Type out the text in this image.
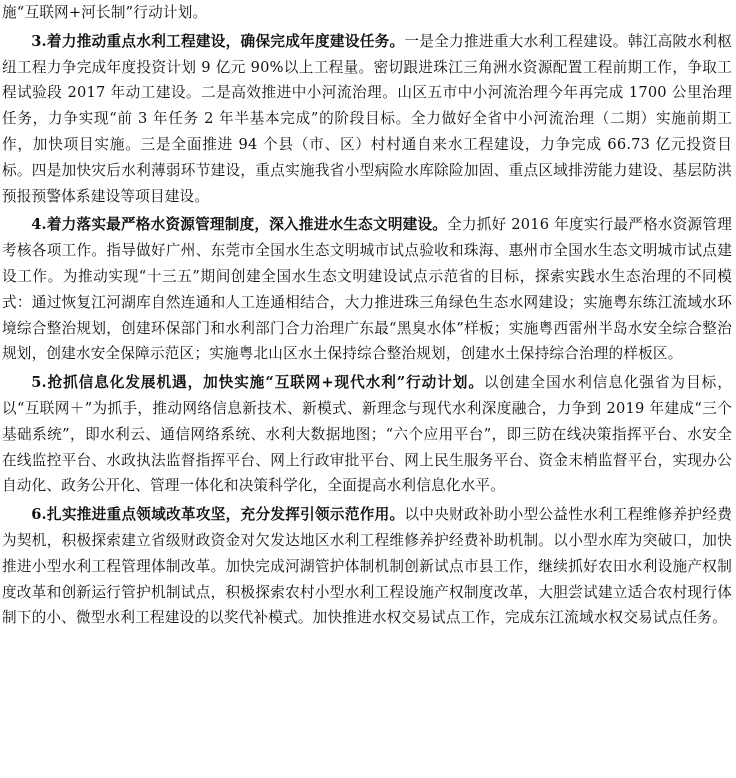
施“互联网+河长制”行动计划。

3.着力推动重点水利工程建设，确保完成年度建设任务。一是全力推进重大水利工程建设。韩江高陂水利枢纽工程力争完成年度投资计划 9 亿元 90%以上工程量。密切跟进珠江三角洲水资源配置工程前期工作，争取工程试验段 2017 年动工建设。二是高效推进中小河流治理。山区五市中小河流治理今年再完成 1700 公里治理任务，力争实现“前 3 年任务 2 年半基本完成”的阶段目标。全力做好全省中小河流治理（二期）实施前期工作，加快项目实施。三是全面推进 94 个县（市、区）村村通自来水工程建设，力争完成 66.73 亿元投资目标。四是加快灾后水利薄弱环节建设，重点实施我省小型病险水库除险加固、重点区域排涝能力建设、基层防洪预报预警体系建设等项目建设。

4.着力落实最严格水资源管理制度，深入推进水生态文明建设。全力抓好 2016 年度实行最严格水资源管理考核各项工作。指导做好广州、东莞市全国水生态文明城市试点验收和珠海、惠州市全国水生态文明城市试点建设工作。为推动实现“十三五”期间创建全国水生态文明建设试点示范省的目标，探索实践水生态治理的不同模式：通过恢复江河湖库自然连通和人工连通相结合，大力推进珠三角绿色生态水网建设；实施粤东练江流域水环境综合整治规划，创建环保部门和水利部门合力治理广东最“黑臭水体”样板；实施粤西雷州半岛水安全综合整治规划，创建水安全保障示范区；实施粤北山区水土保持综合整治规划，创建水土保持综合治理的样板区。

5.抢抓信息化发展机遇，加快实施“互联网+现代水利”行动计划。以创建全国水利信息化强省为目标，以“互联网＋”为抓手，推动网络信息新技术、新模式、新理念与现代水利深度融合，力争到 2019 年建成“三个基础系统”，即水利云、通信网络系统、水利大数据地图；“六个应用平台”，即三防在线决策指挥平台、水安全在线监控平台、水政执法监督指挥平台、网上行政审批平台、网上民生服务平台、资金末梢监督平台，实现办公自动化、政务公开化、管理一体化和决策科学化，全面提高水利信息化水平。

6.扎实推进重点领域改革攻坚，充分发挥引领示范作用。以中央财政补助小型公益性水利工程维修养护经费为契机，积极探索建立省级财政资金对欠发达地区水利工程维修养护经费补助机制。以小型水库为突破口，加快推进小型水利工程管理体制改革。加快完成河湖管护体制机制创新试点市县工作，继续抓好农田水利设施产权制度改革和创新运行管护机制试点，积极探索农村小型水利工程设施产权制度改革，大胆尝试建立适合农村现行体制下的小、微型水利工程建设的以奖代补模式。加快推进水权交易试点工作，完成东江流域水权交易试点任务。
